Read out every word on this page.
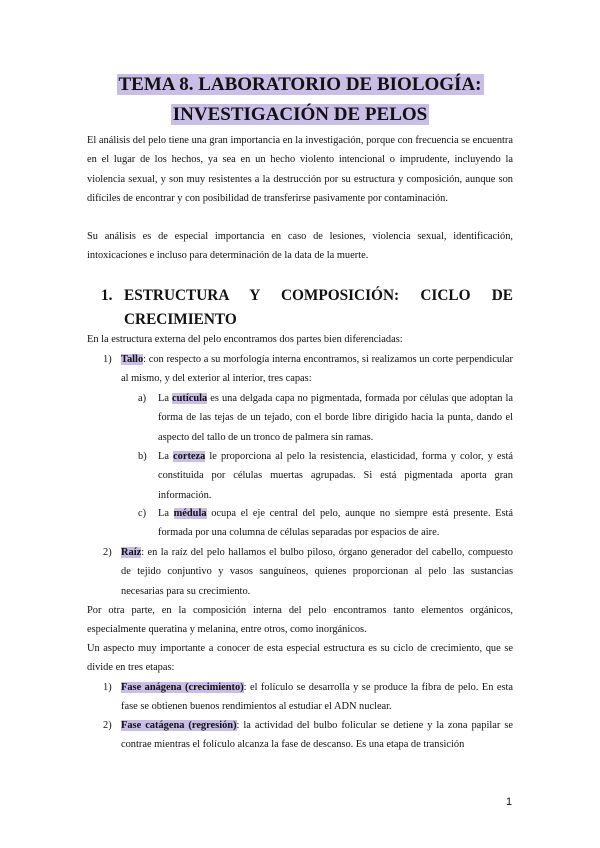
TEMA 8. LABORATORIO DE BIOLOGÍA:
INVESTIGACIÓN DE PELOS
El análisis del pelo tiene una gran importancia en la investigación, porque con frecuencia se encuentra en el lugar de los hechos, ya sea en un hecho violento intencional o imprudente, incluyendo la violencia sexual, y son muy resistentes a la destrucción por su estructura y composición, aunque son difíciles de encontrar y con posibilidad de transferirse pasivamente por contaminación.
Su análisis es de especial importancia en caso de lesiones, violencia sexual, identificación, intoxicaciones e incluso para determinación de la data de la muerte.
1. ESTRUCTURA Y COMPOSICIÓN: CICLO DE
CRECIMIENTO
En la estructura externa del pelo encontramos dos partes bien diferenciadas:
1) Tallo: con respecto a su morfología interna encontramos, si realizamos un corte perpendicular al mismo, y del exterior al interior, tres capas:
a) La cutícula es una delgada capa no pigmentada, formada por células que adoptan la forma de las tejas de un tejado, con el borde libre dirigido hacia la punta, dando el aspecto del tallo de un tronco de palmera sin ramas.
b) La corteza le proporciona al pelo la resistencia, elasticidad, forma y color, y está constituida por células muertas agrupadas. Si está pigmentada aporta gran información.
c) La médula ocupa el eje central del pelo, aunque no siempre está presente. Está formada por una columna de células separadas por espacios de aire.
2) Raíz: en la raíz del pelo hallamos el bulbo piloso, órgano generador del cabello, compuesto de tejido conjuntivo y vasos sanguíneos, quienes proporcionan al pelo las sustancias necesarias para su crecimiento.
Por otra parte, en la composición interna del pelo encontramos tanto elementos orgánicos, especialmente queratina y melanina, entre otros, como inorgánicos.
Un aspecto muy importante a conocer de esta especial estructura es su ciclo de crecimiento, que se divide en tres etapas:
1) Fase anágena (crecimiento): el folículo se desarrolla y se produce la fibra de pelo. En esta fase se obtienen buenos rendimientos al estudiar el ADN nuclear.
2) Fase catágena (regresión): la actividad del bulbo folicular se detiene y la zona papilar se contrae mientras el folículo alcanza la fase de descanso. Es una etapa de transición
1
